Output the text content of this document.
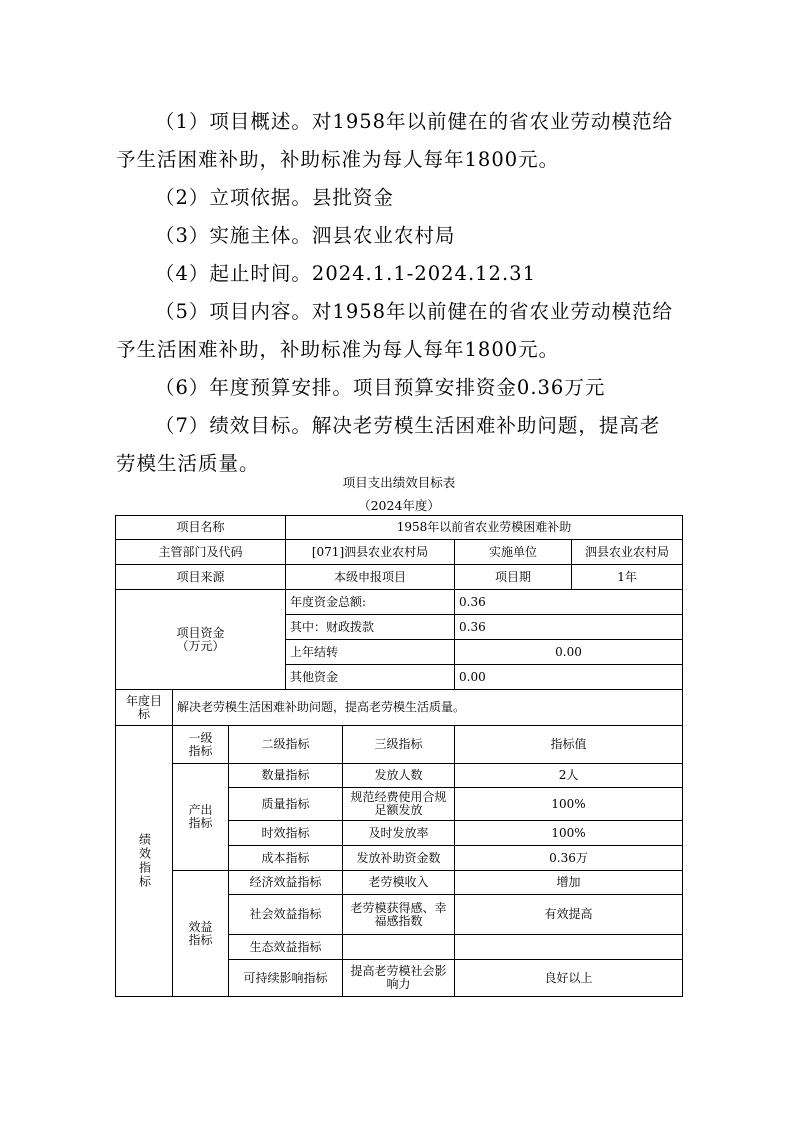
（1）项目概述。对1958年以前健在的省农业劳动模范给
予生活困难补助，补助标准为每人每年1800元。
（2）立项依据。县批资金
（3）实施主体。泗县农业农村局
（4）起止时间。2024.1.1-2024.12.31
（5）项目内容。对1958年以前健在的省农业劳动模范给
予生活困难补助，补助标准为每人每年1800元。
（6）年度预算安排。项目预算安排资金0.36万元
（7）绩效目标。解决老劳模生活困难补助问题，提高老
劳模生活质量。
项目支出绩效目标表
（2024年度）
项目名称			1958年以前省农业劳模困难补助			
主管部门及代码			[071]泗县农业农村局		实施单位	泗县农业农村局
项目来源			本级申报项目		项目期	1年

项目资金
（万元）			年度资金总额:		0.36	
			其中：财政拨款		0.36	
			上年结转		0.00	
			其他资金		0.00	
年度目标	解决老劳模生活困难补助问题，提高老劳模生活质量。					
绩效指标	一级指标	二级指标		三级指标	指标值	
	产出指标	数量指标		发放人数	2人	
		质量指标		规范经费使用合规足额发放	100%	
		时效指标		及时发放率	100%	
		成本指标		发放补助资金数	0.36万	
	效益指标	经济效益指标		老劳模收入	增加	
		社会效益指标		老劳模获得感、幸福感指数	有效提高	
		生态效益指标				
		可持续影响指标		提高老劳模社会影响力	良好以上	
